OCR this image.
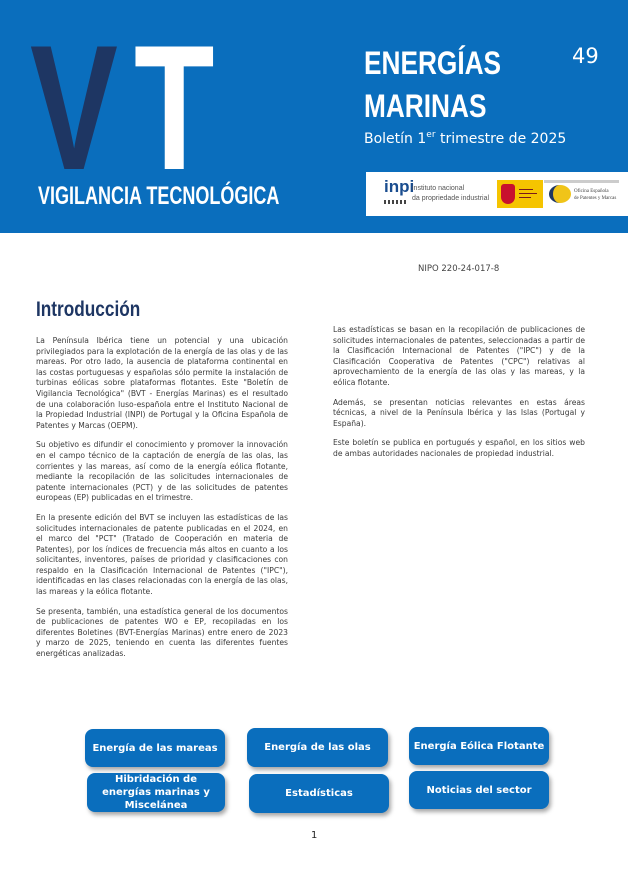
V T
VIGILANCIA TECNOLÓGICA
ENERGÍAS
MARINAS
49
Boletín 1er trimestre de 2025
inpi
instituto nacional
da propriedade industrial
Oficina Española
de Patentes y Marcas
NIPO 220-24-017-8
Introducción

La Península Ibérica tiene un potencial y una ubicación privilegiados para la explotación de la energía de las olas y de las mareas. Por otro lado, la ausencia de plataforma continental en las costas portuguesas y españolas sólo permite la instalación de turbinas eólicas sobre plataformas flotantes. Este "Boletín de Vigilancia Tecnológica" (BVT - Energías Marinas) es el resultado de una colaboración luso-española entre el Instituto Nacional de la Propiedad Industrial (INPI) de Portugal y la Oficina Española de Patentes y Marcas (OEPM).

Su objetivo es difundir el conocimiento y promover la innovación en el campo técnico de la captación de energía de las olas, las corrientes y las mareas, así como de la energía eólica flotante, mediante la recopilación de las solicitudes internacionales de patente internacionales (PCT) y de las solicitudes de patentes europeas (EP) publicadas en el trimestre.

En la presente edición del BVT se incluyen las estadísticas de las solicitudes internacionales de patente publicadas en el 2024, en el marco del "PCT" (Tratado de Cooperación en materia de Patentes), por los índices de frecuencia más altos en cuanto a los solicitantes, inventores, países de prioridad y clasificaciones con respaldo en la Clasificación Internacional de Patentes ("IPC"), identificadas en las clases relacionadas con la energía de las olas, las mareas y la eólica flotante.

Se presenta, también, una estadística general de los documentos de publicaciones de patentes WO e EP, recopiladas en los diferentes Boletines (BVT-Energías Marinas) entre enero de 2023 y marzo de 2025, teniendo en cuenta las diferentes fuentes energéticas analizadas.

Las estadísticas se basan en la recopilación de publicaciones de solicitudes internacionales de patentes, seleccionadas a partir de la Clasificación Internacional de Patentes ("IPC") y de la Clasificación Cooperativa de Patentes ("CPC") relativas al aprovechamiento de la energía de las olas y las mareas, y la eólica flotante.

Además, se presentan noticias relevantes en estas áreas técnicas, a nivel de la Península Ibérica y las Islas (Portugal y España).

Este boletín se publica en portugués y español, en los sitios web de ambas autoridades nacionales de propiedad industrial.

Energía de las mareas	Energía de las olas	Energía Eólica Flotante
Hibridación de energías marinas y Miscelánea
Estadísticas	Noticias del sector
1
